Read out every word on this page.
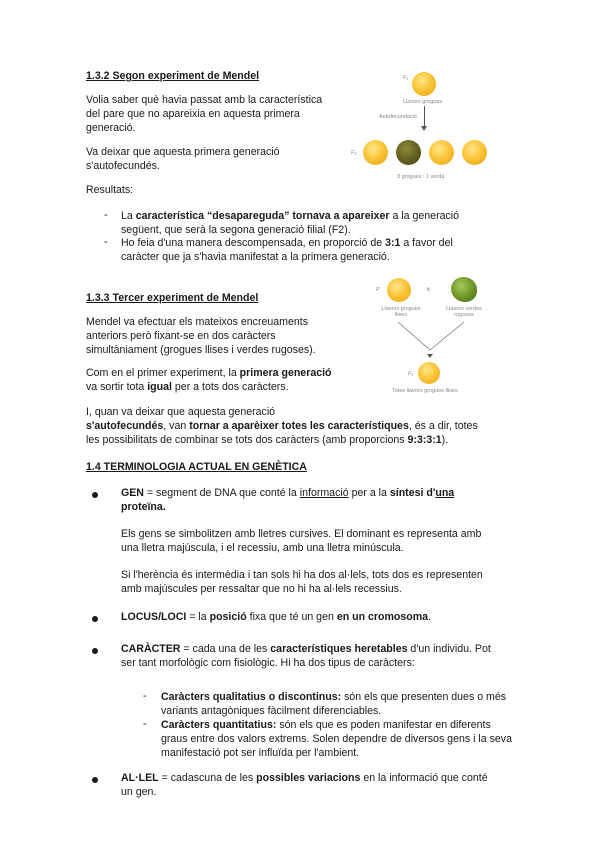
1.3.2 Segon experiment de Mendel

Volia saber què havia passat amb la característica

del pare que no apareixia en aquesta primera

generació.

Va deixar que aquesta primera generació

s'autofecundés.

Resultats:

- La característica “desapareguda” tornava a apareixer a la generació

següent, que serà la segona generació filial (F2).

- Ho feia d'una manera descompensada, en proporció de 3:1 a favor del

caràcter que ja s'havia manifestat a la primera generació.

F₁
Llavors grogues
Autofecundació
F₂
3 grogues : 1 verda

1.3.3 Tercer experiment de Mendel

Mendel va efectuar els mateixos encreuaments

anteriors però fixant-se en dos caràcters

simultàniament (grogues llises i verdes rugoses).

Com en el primer experiment, la primera generació

va sortir tota igual per a tots dos caràcters.

I, quan va deixar que aquesta generació

s'autofecundés, van tornar a aparèixer totes les característiques, és a dir, totes

les possibilitats de combinar se tots dos caràcters (amb proporcions 9:3:3:1).

P	×
Llavors grogues
llises
Llavors verdes
rugoses
F₁
Totes llavors grogues llises

1.4 TERMINOLOGIA ACTUAL EN GENÈTICA

GEN = segment de DNA que conté la informació per a la síntesi d'una

proteïna.

Els gens se simbolitzen amb lletres cursives. El dominant es representa amb

una lletra majúscula, i el recessiu, amb una lletra minúscula.

Si l'herència és intermèdia i tan sols hi ha dos al·lels, tots dos es representen

amb majúscules per ressaltar que no hi ha al·lels recessius.

LOCUS/LOCI = la posició fixa que té un gen en un cromosoma.

CARÀCTER = cada una de les característiques heretables d'un individu. Pot

ser tant morfològic com fisiològic. Hi ha dos tipus de caràcters:

- Caràcters qualitatius o discontinus: són els que presenten dues o més

variants antagòniques fàcilment diferenciables.

- Caràcters quantitatius: són els que es poden manifestar en diferents

graus entre dos valors extrems. Solen dependre de diversos gens i la seva

manifestació pot ser influïda per l'ambient.

AL·LEL = cadascuna de les possibles variacions en la informació que conté

un gen.
